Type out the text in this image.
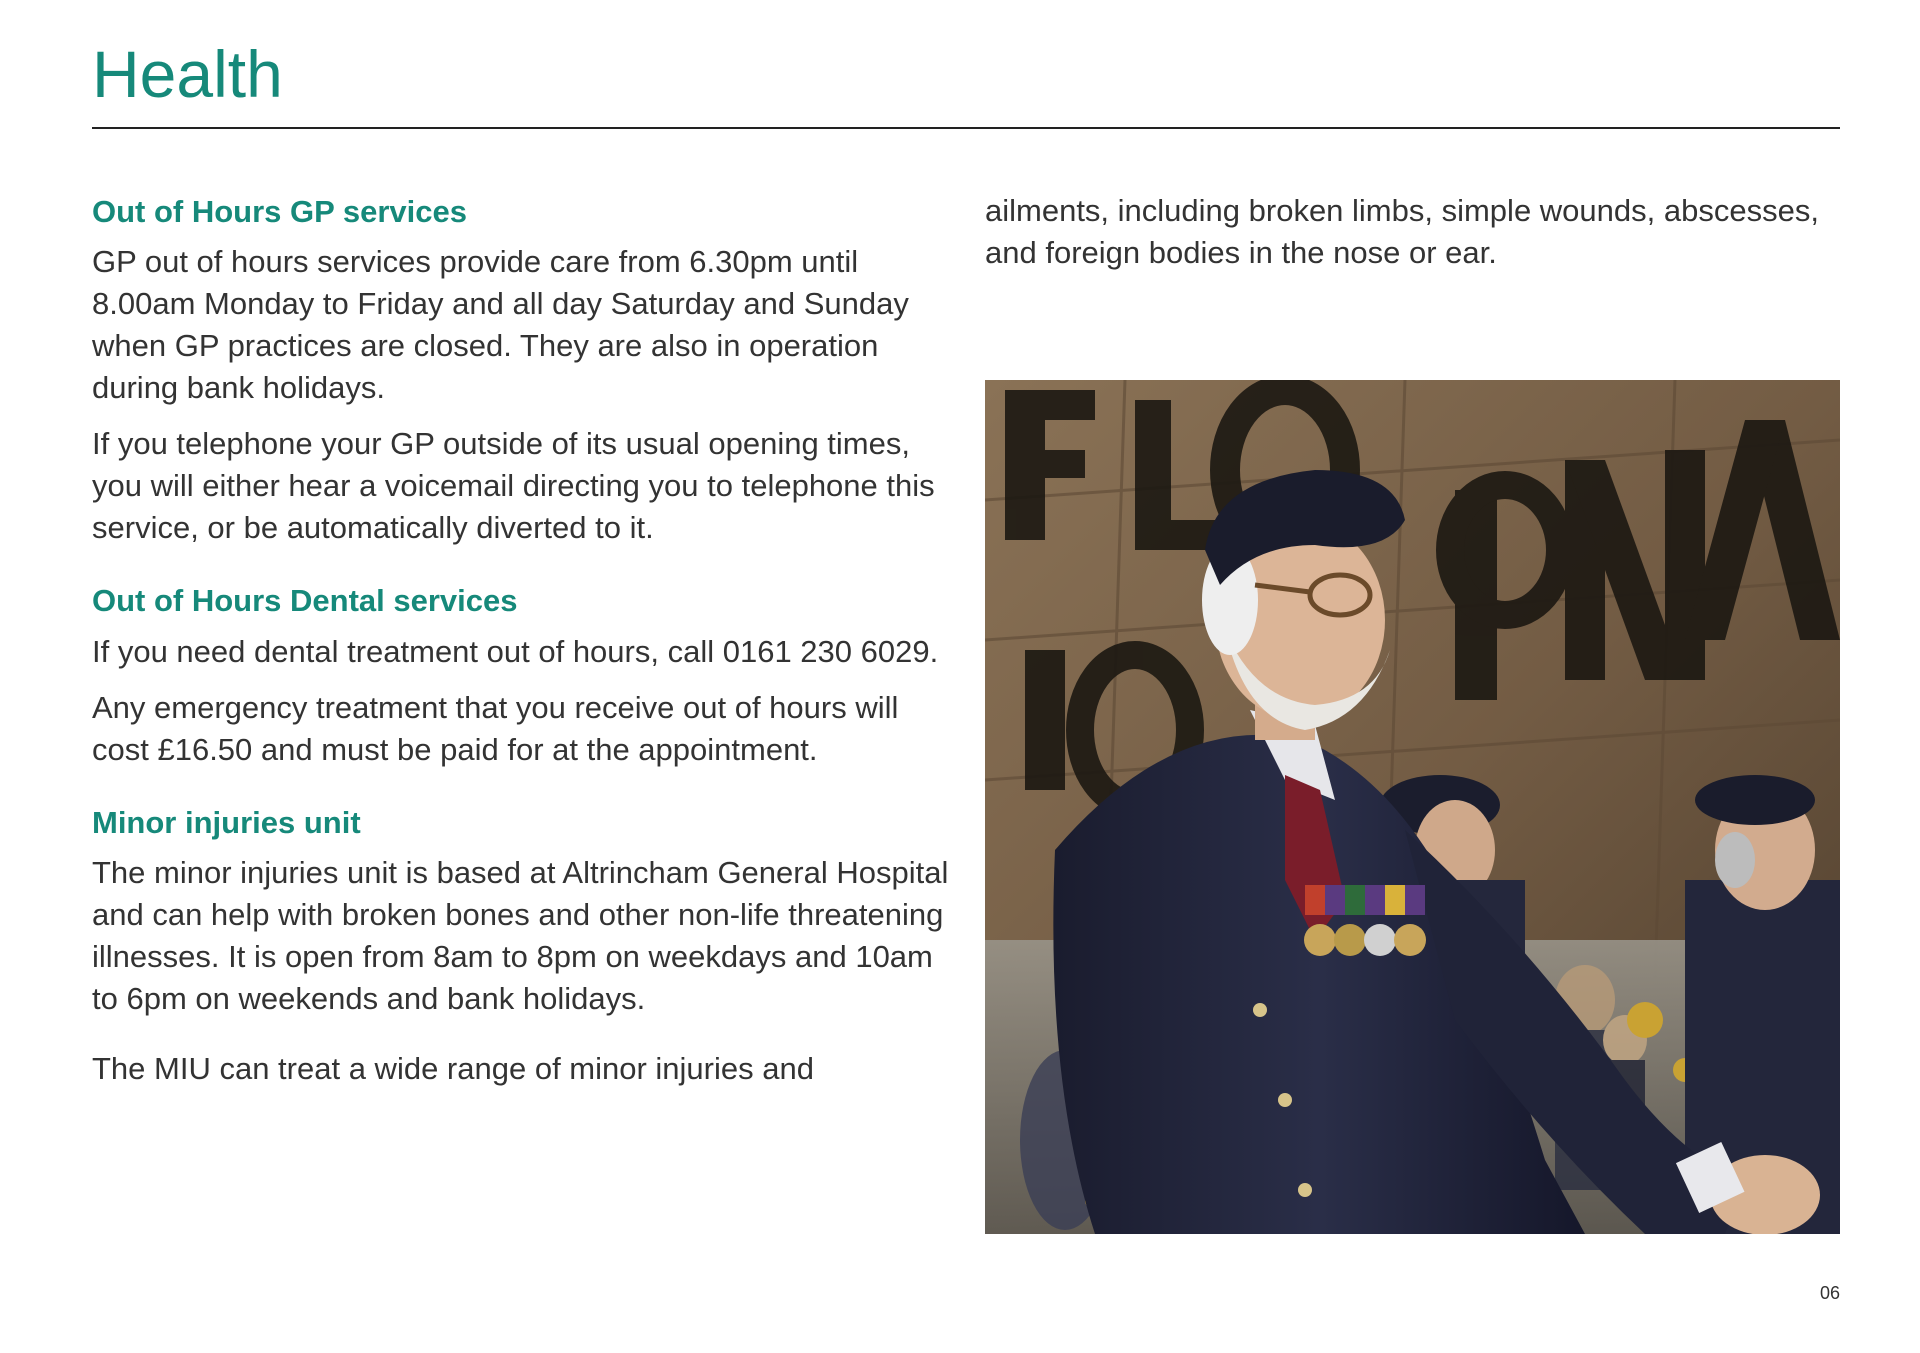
Health
Out of Hours GP services

GP out of hours services provide care from 6.30pm until 8.00am Monday to Friday and all day Saturday and Sunday when GP practices are closed. They are also in operation during bank holidays.

If you telephone your GP outside of its usual opening times, you will either hear a voicemail directing you to telephone this service, or be automatically diverted to it.

Out of Hours Dental services

If you need dental treatment out of hours, call 0161 230 6029.

Any emergency treatment that you receive out of hours will cost £16.50 and must be paid for at the appointment.

Minor injuries unit

The minor injuries unit is based at Altrincham General Hospital and can help with broken bones and other non-life threatening illnesses. It is open from 8am to 8pm on weekdays and 10am to 6pm on weekends and bank holidays.

The MIU can treat a wide range of minor injuries and

ailments, including broken limbs, simple wounds, abscesses, and foreign bodies in the nose or ear.

06
